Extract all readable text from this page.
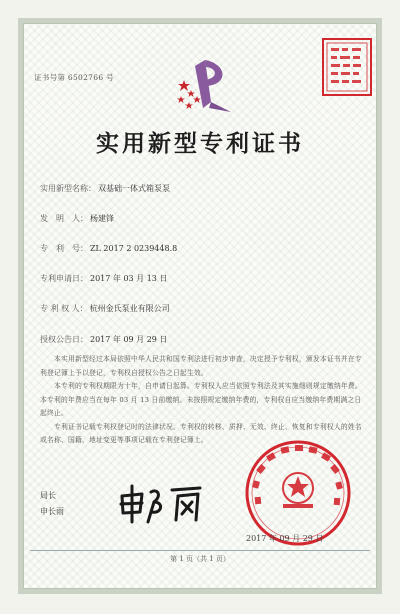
证书号第 6502766 号
实用新型专利证书
实用新型名称： 双基础一体式箱泵泵
发　明　人： 杨建锋
专　利　号： ZL 2017 2 0239448.8
专利申请日： 2017 年 03 月 13 日
专 利 权 人： 杭州金氏泵业有限公司
授权公告日： 2017 年 09 月 29 日

本实用新型经过本局依照中华人民共和国专利法进行初步审查，决定授予专利权，颁发本证书并在专利登记簿上予以登记，专利权自授权公告之日起生效。

本专利的专利权期限为十年，自申请日起算。专利权人应当依照专利法及其实施细则规定缴纳年费。本专利的年费应当在每年 03 月 13 日前缴纳。未按照规定缴纳年费的，专利权自应当缴纳年费期满之日起终止。

专利证书记载专利权登记时的法律状况。专利权的转移、质押、无效、终止、恢复和专利权人的姓名或名称、国籍、地址变更等事项记载在专利登记簿上。

局长
申长雨
2017 年 09 月 29 日
第 1 页（共 1 页）
